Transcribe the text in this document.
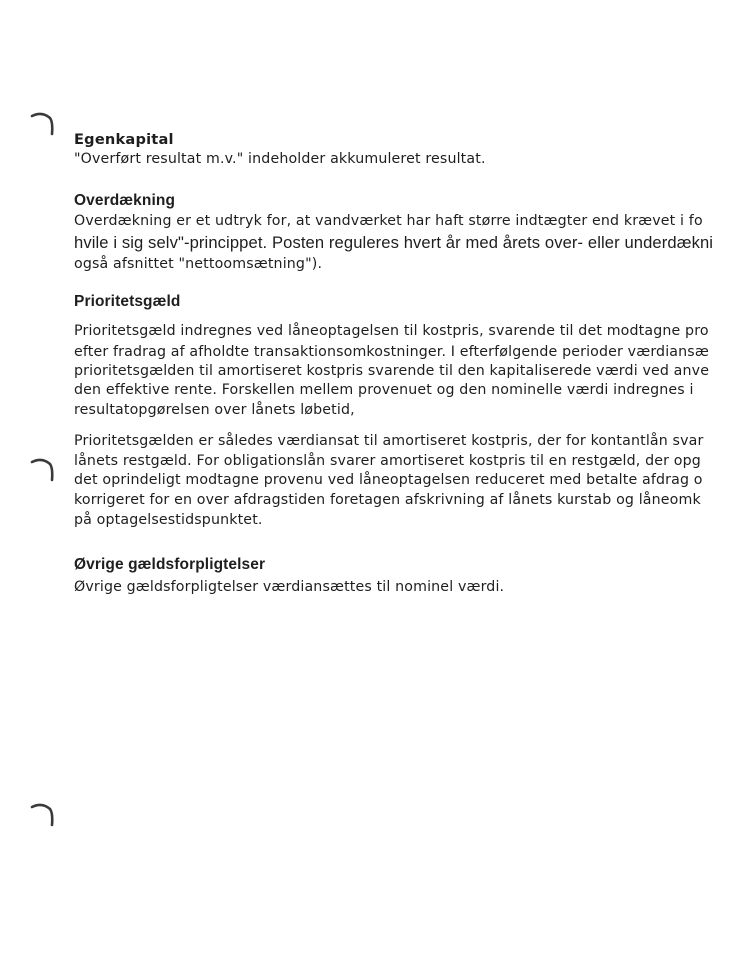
Egenkapital
"Overført resultat m.v." indeholder akkumuleret resultat.
Overdækning
Overdækning er et udtryk for, at vandværket har haft større indtægter end krævet i fo
hvile i sig selv"-princippet. Posten reguleres hvert år med årets over- eller underdækni
også afsnittet "nettoomsætning").
Prioritetsgæld
Prioritetsgæld indregnes ved låneoptagelsen til kostpris, svarende til det modtagne pro
efter fradrag af afholdte transaktionsomkostninger. I efterfølgende perioder værdiansæ
prioritetsgælden til amortiseret kostpris svarende til den kapitaliserede værdi ved anve
den effektive rente. Forskellen mellem provenuet og den nominelle værdi indregnes i
resultatopgørelsen over lånets løbetid,
Prioritetsgælden er således værdiansat til amortiseret kostpris, der for kontantlån svar
lånets restgæld. For obligationslån svarer amortiseret kostpris til en restgæld, der opg
det oprindeligt modtagne provenu ved låneoptagelsen reduceret med betalte afdrag o
korrigeret for en over afdragstiden foretagen afskrivning af lånets kurstab og låneomk
på optagelsestidspunktet.
Øvrige gældsforpligtelser
Øvrige gældsforpligtelser værdiansættes til nominel værdi.
